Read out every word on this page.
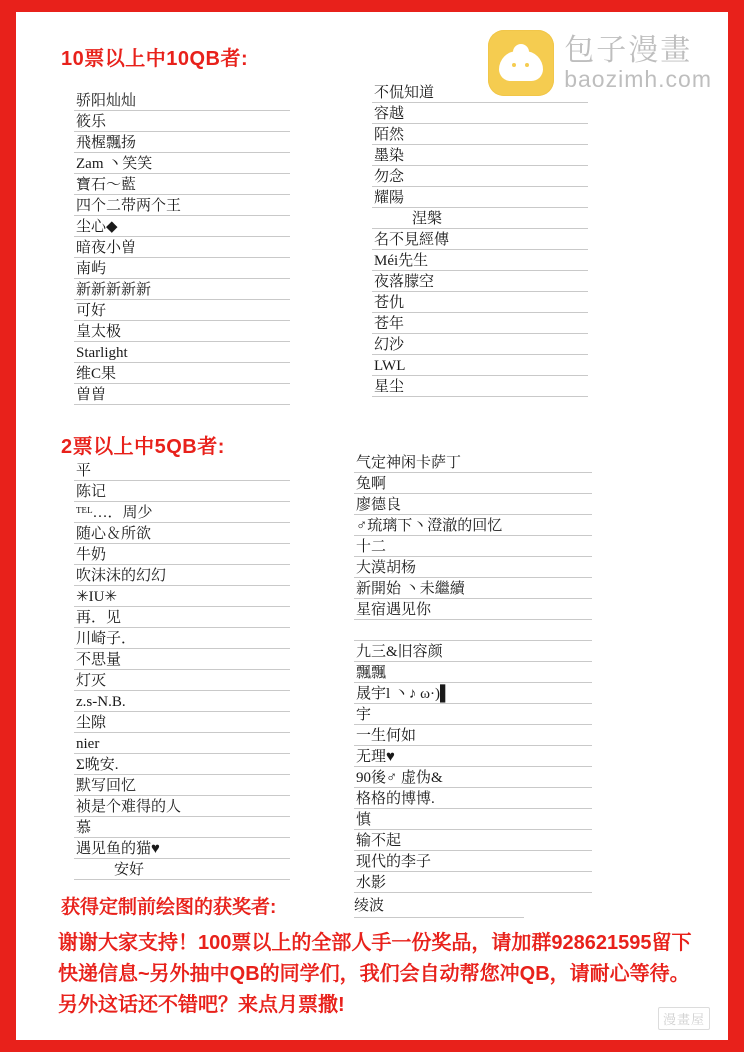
包子漫畫
baozimh.com
10票以上中10QB者:
骄阳灿灿
筱乐
飛楃飄扬
Zam 丶笑笑
寶石〜藍
四个二带两个王
尘心◆
暗夜小曽
南屿
新新新新新
可好
皇太极
Starlight
维C果
曽曽
不侃知道
容越
陌然
墨染
勿念
耀陽
涅槃
名不見經傳
Méi先生
夜落朦空
苍仇
苍年
幻沙
LWL
星尘
2票以上中5QB者:
平
陈记
ᵀᴱᴸ…．周少
随心＆所欲
牛奶
吹沫沫的幻幻
✳IU✳
再．见
川崎子．
不思量
灯灭
z.s-N.B.
尘隙
nier
Σ晚安.
默写回忆
祯是个难得的人
慕
遇见鱼的猫♥
安好
气定神闲卡萨丁
兔啊
廖德良
♂琉璃下丶澄澈的回忆
十二
大漠胡杨
新開始 丶未繼續
星宿遇见你
九三&旧容颜
飄飄
晟宇l 丶♪ ω·)▌
宇
一生何如
无理♥
90後♂ 虚伪&
格格的博博.
慎
输不起
现代的李子
水影
获得定制前绘图的获奖者:	绫波
谢谢大家支持！100票以上的全部人手一份奖品，请加群928621595留下快递信息~另外抽中QB的同学们，我们会自动帮您冲QB，请耐心等待。 另外这话还不错吧？来点月票撒!
漫畫屋
